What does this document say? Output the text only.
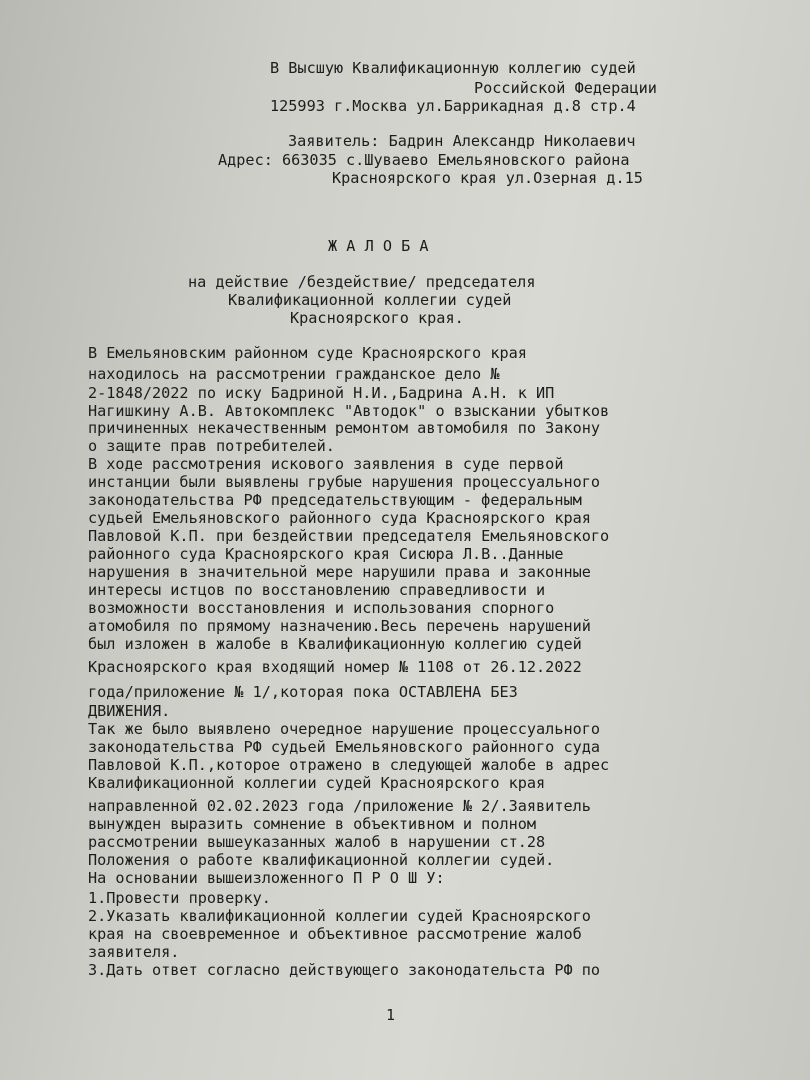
В Высшую Квалификационную коллегию судей
Российской Федерации
125993 г.Москва ул.Баррикадная д.8 стр.4
Заявитель: Бадрин Александр Николаевич
Адрес: 663035 с.Шуваево Емельяновского района
Красноярского края ул.Озерная д.15
Ж А Л О Б А
на действие /бездействие/ председателя
Квалификационной коллегии судей
Красноярского края.
В Емельяновским районном суде Красноярского края
находилось на рассмотрении гражданское дело №
2-1848/2022 по иску Бадриной Н.И.,Бадрина А.Н. к ИП
Нагишкину А.В. Автокомплекс "Автодок" о взыскании убытков
причиненных некачественным ремонтом автомобиля по Закону
о защите прав потребителей.
В ходе рассмотрения искового заявления в суде первой
инстанции были выявлены грубые нарушения процессуального
законодательства РФ председательствующим - федеральным
судьей Емельяновского районного суда Красноярского края
Павловой К.П. при бездействии председателя Емельяновского
районного суда Красноярского края Сисюра Л.В..Данные
нарушения в значительной мере нарушили права и законные
интересы истцов по восстановлению справедливости и
возможности восстановления и использования спорного
атомобиля по прямому назначению.Весь перечень нарушений
был изложен в жалобе в Квалификационную коллегию судей
Красноярского края входящий номер № 1108 от 26.12.2022
года/приложение № 1/,которая пока ОСТАВЛЕНА БЕЗ
ДВИЖЕНИЯ.
Так же было выявлено очередное нарушение процессуального
законодательства РФ судьей Емельяновского районного суда
Павловой К.П.,которое отражено в следующей жалобе в адрес
Квалификационной коллегии судей Красноярского края
направленной 02.02.2023 года /приложение № 2/.Заявитель
вынужден выразить сомнение в объективном и полном
рассмотрении вышеуказанных жалоб в нарушении ст.28
Положения о работе квалификационной коллегии судей.
На основании вышеизложенного П Р О Ш У:
1.Провести проверку.
2.Указать квалификационной коллегии судей Красноярского
края на своевременное и объективное рассмотрение жалоб
заявителя.
3.Дать ответ согласно действующего законодательста РФ по
1
